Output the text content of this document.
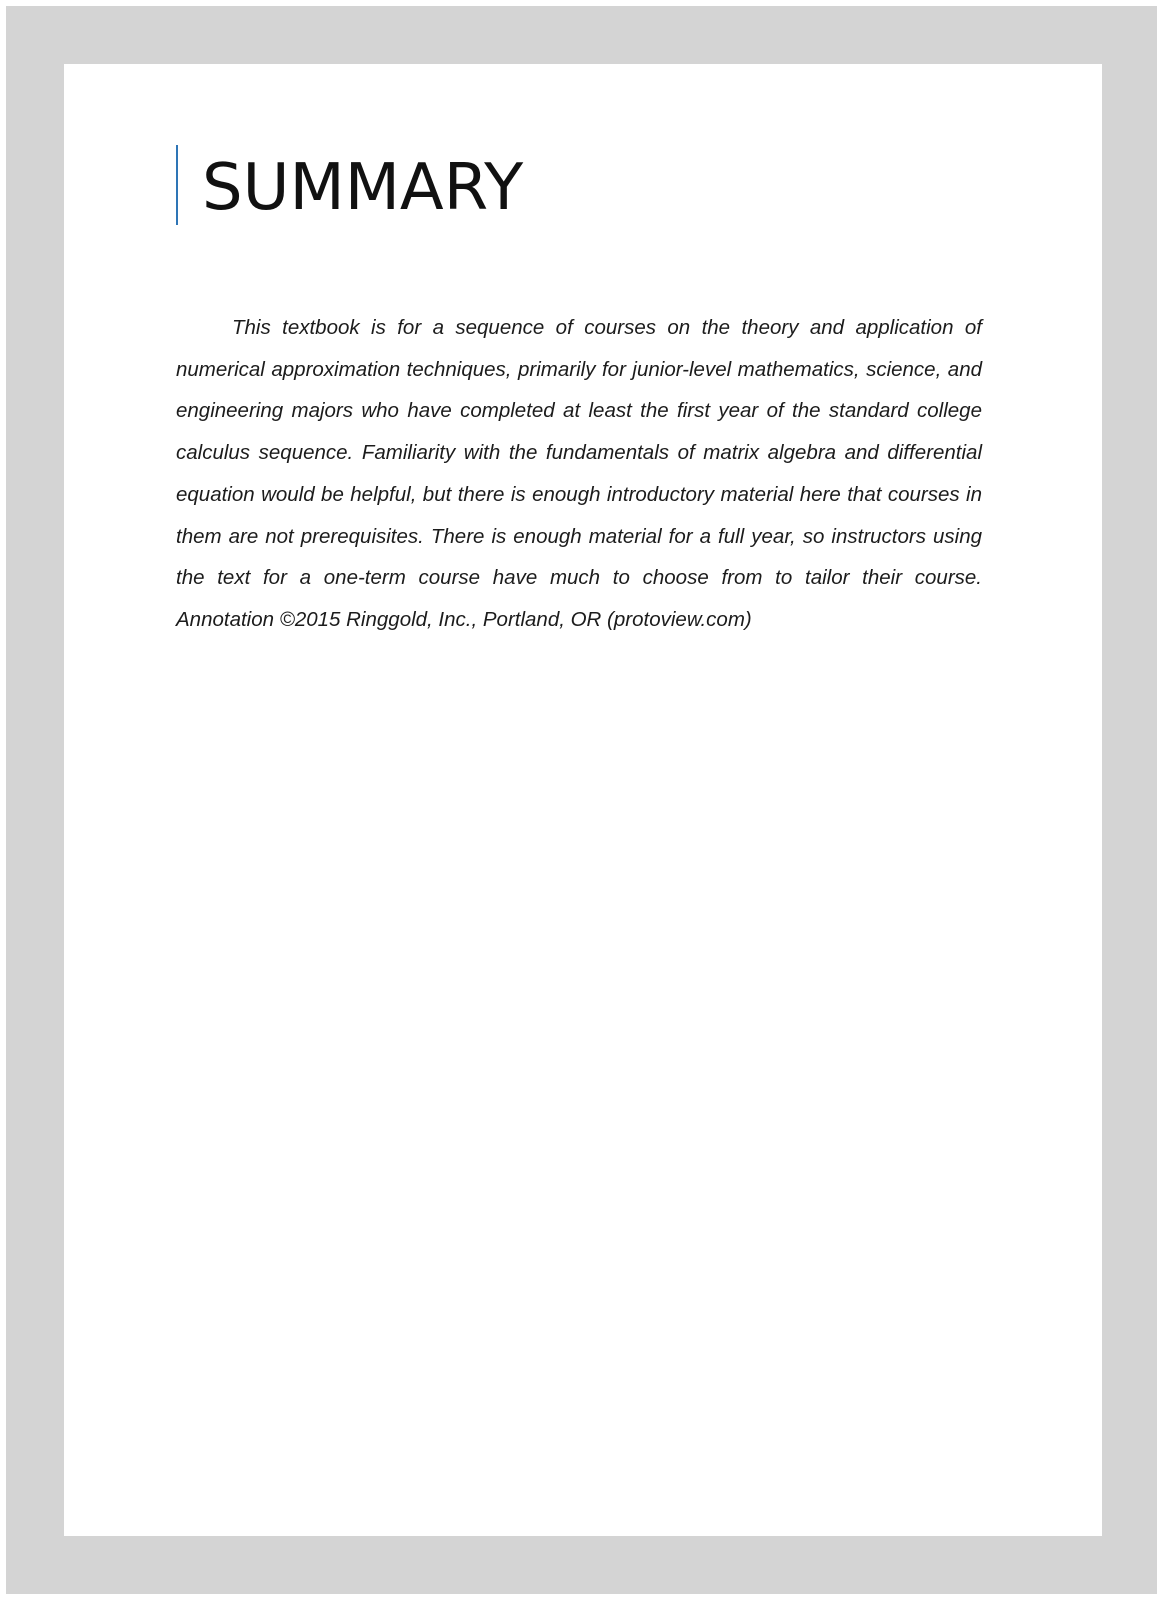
SUMMARY

This textbook is for a sequence of courses on the theory and application of numerical approximation techniques, primarily for junior-level mathematics, science, and engineering majors who have completed at least the first year of the standard college calculus sequence. Familiarity with the fundamentals of matrix algebra and differential equation would be helpful, but there is enough introductory material here that courses in them are not prerequisites. There is enough material for a full year, so instructors using the text for a one-term course have much to choose from to tailor their course. Annotation ©2015 Ringgold, Inc., Portland, OR (protoview.com)
